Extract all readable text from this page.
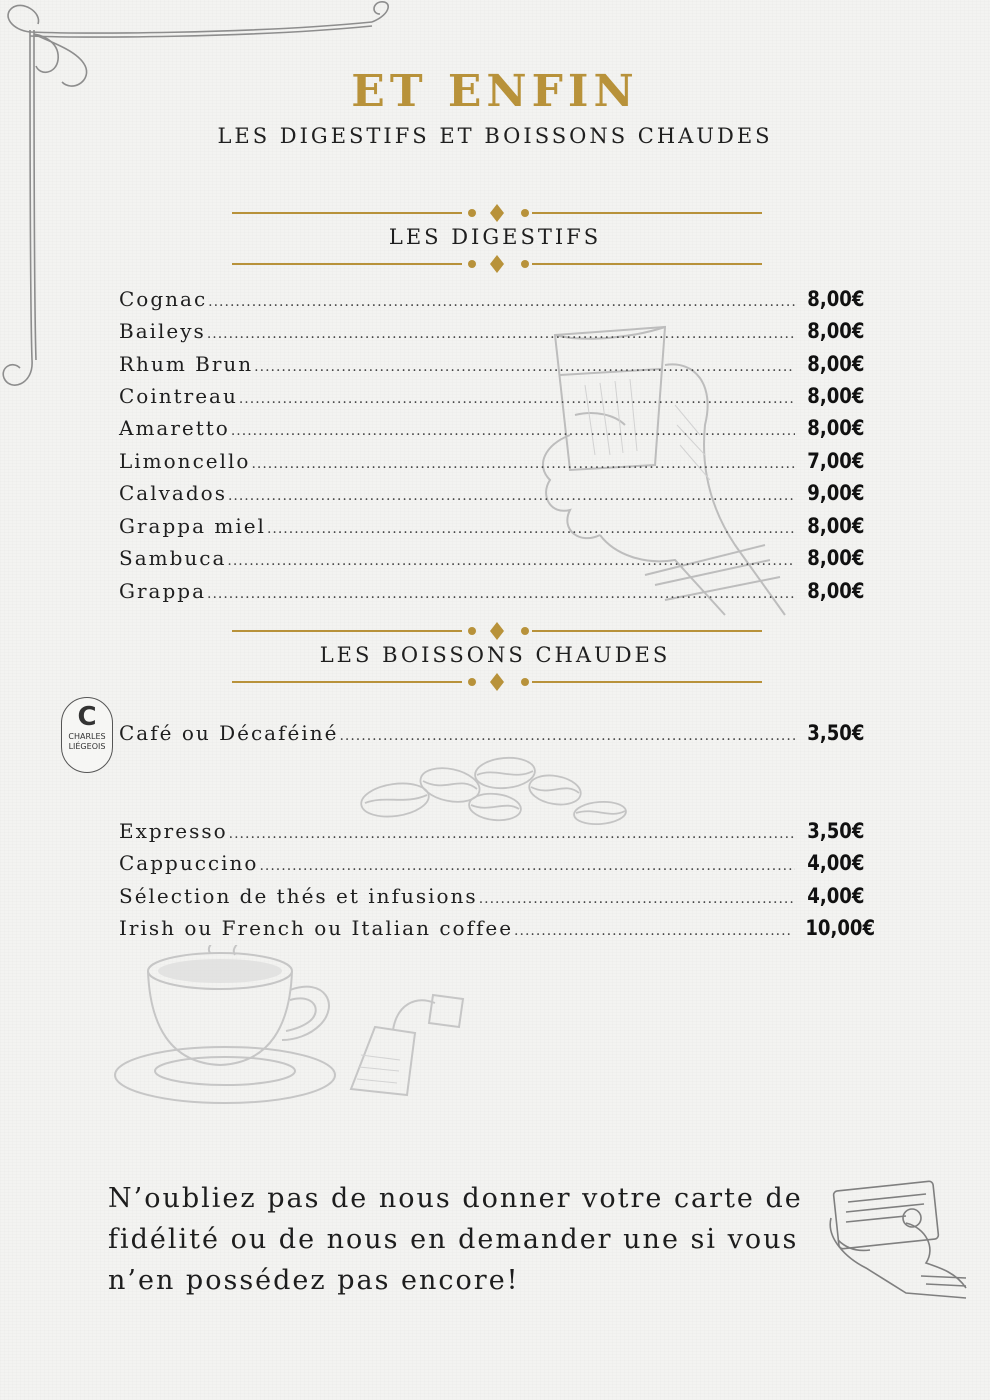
ET ENFIN
LES DIGESTIFS ET BOISSONS CHAUDES
LES DIGESTIFS
Cognac .....	8,00€
Baileys .....	8,00€
Rhum Brun .....	8,00€
Cointreau .....	8,00€
Amaretto .....	8,00€
Limoncello .....	7,00€
Calvados .....	9,00€
Grappa miel .....	8,00€
Sambuca .....	8,00€
Grappa .....	8,00€
LES BOISSONS CHAUDES
C
CHARLES
LIÉGEOIS
Café ou Décaféiné .....	3,50€
Expresso .....	3,50€
Cappuccino .....	4,00€
Sélection de thés et infusions .....	4,00€
Irish ou French ou Italian coffee .....	10,00€
N’oubliez pas de nous donner votre carte de
fidélité ou de nous en demander une si vous
n’en possédez pas encore!
